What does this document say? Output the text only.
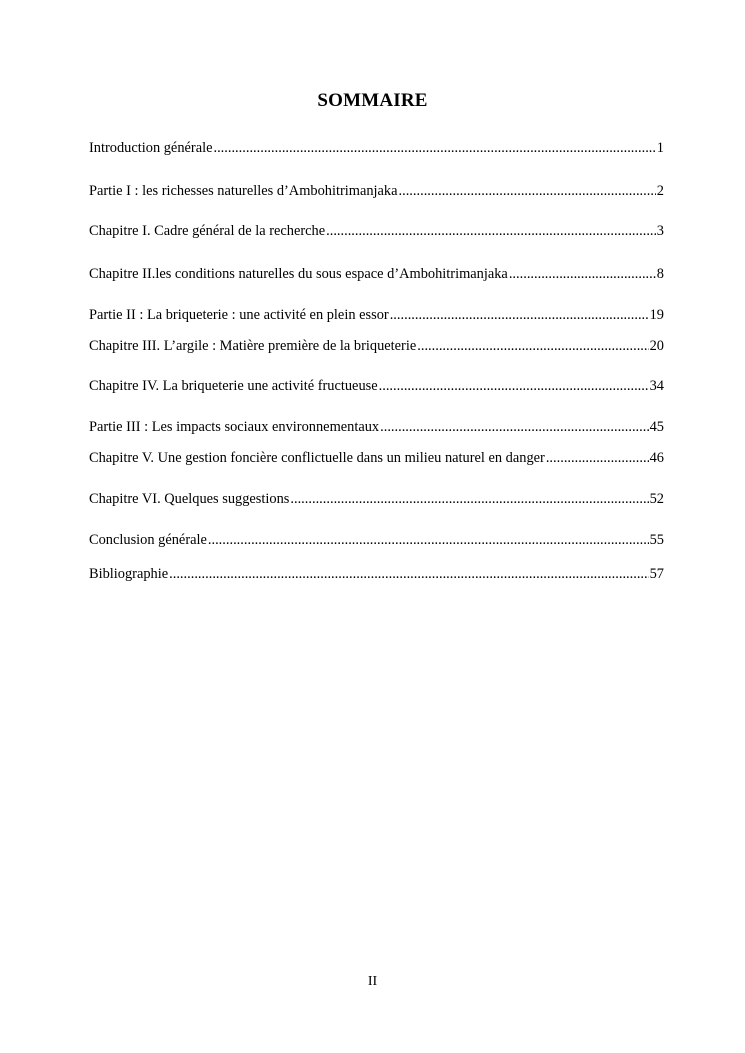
SOMMAIRE
Introduction générale .....	1
Partie I : les richesses naturelles d’Ambohitrimanjaka .....	2
Chapitre I. Cadre général de la recherche .....	3
Chapitre II.les conditions naturelles du sous espace d’Ambohitrimanjaka .....	8
Partie II : La briqueterie : une activité en plein essor .....	19
Chapitre III. L’argile : Matière première de la briqueterie .....	20
Chapitre IV. La briqueterie une activité fructueuse .....	34
Partie III : Les impacts sociaux environnementaux .....	45
Chapitre V. Une gestion foncière conflictuelle dans un milieu naturel en danger .....	46
Chapitre VI. Quelques suggestions .....	52
Conclusion générale .....	55
Bibliographie .....	57
II
